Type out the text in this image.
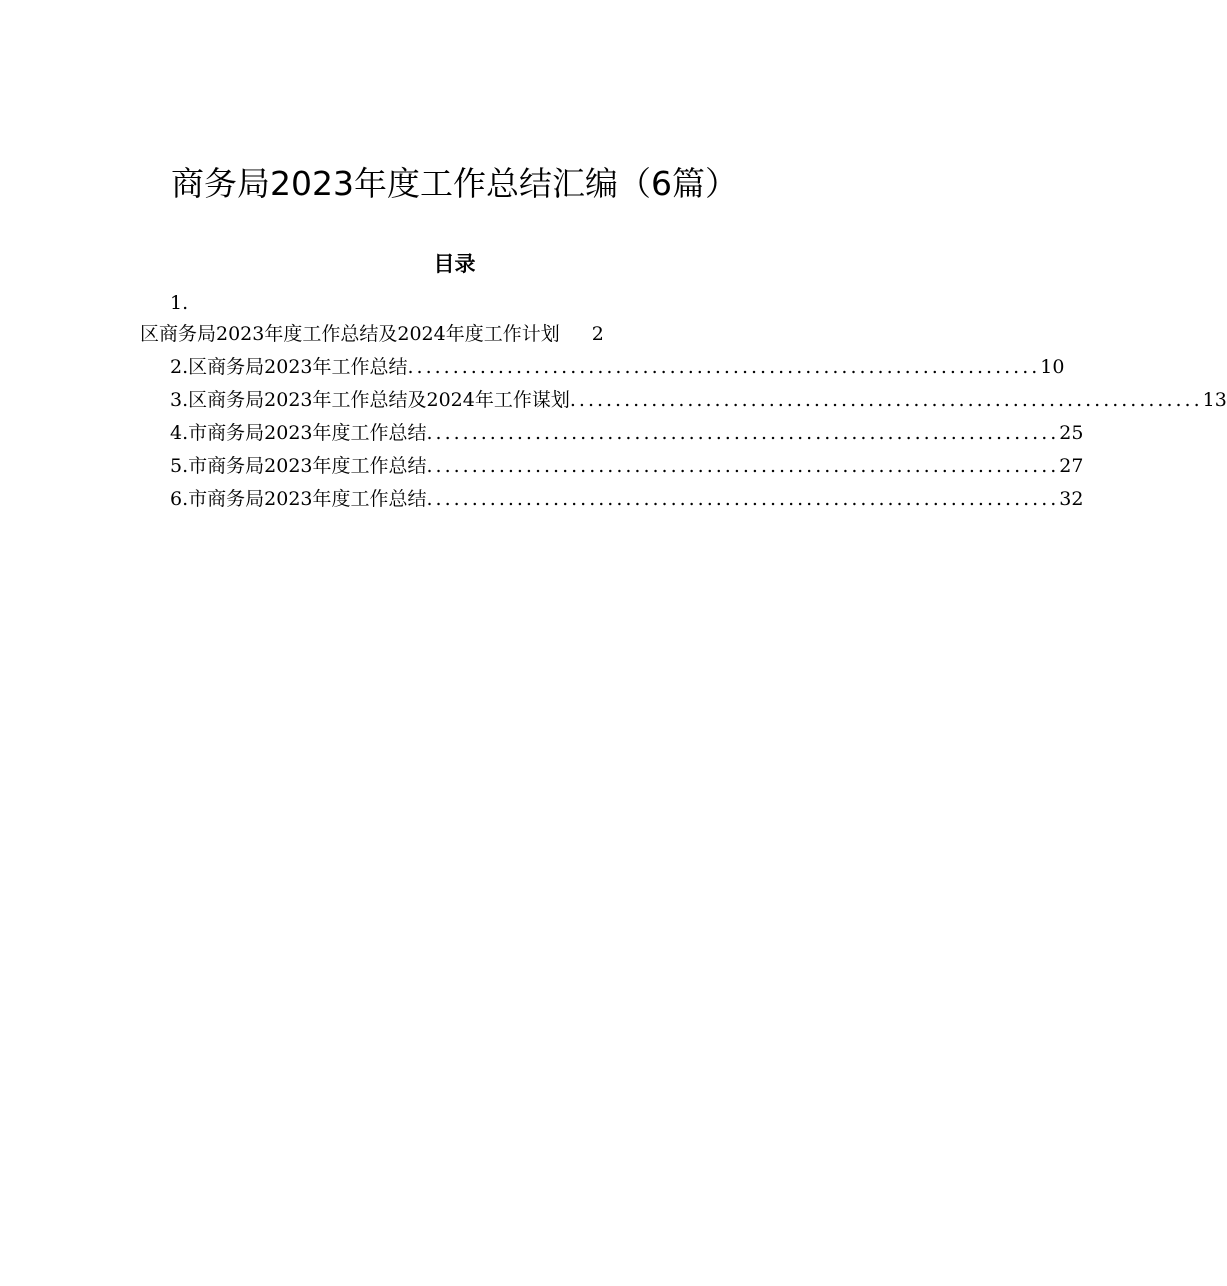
商务局2023年度工作总结汇编（6篇）
目录
1.
区商务局2023年度工作总结及2024年度工作计划 2
2. 区商务局2023年工作总结 ...................................................................... 10
3. 区商务局2023年工作总结及2024年工作谋划 ...................................................................... 13
4. 市商务局2023年度工作总结 ...................................................................... 25
5. 市商务局2023年度工作总结 ...................................................................... 27
6. 市商务局2023年度工作总结 ...................................................................... 32
